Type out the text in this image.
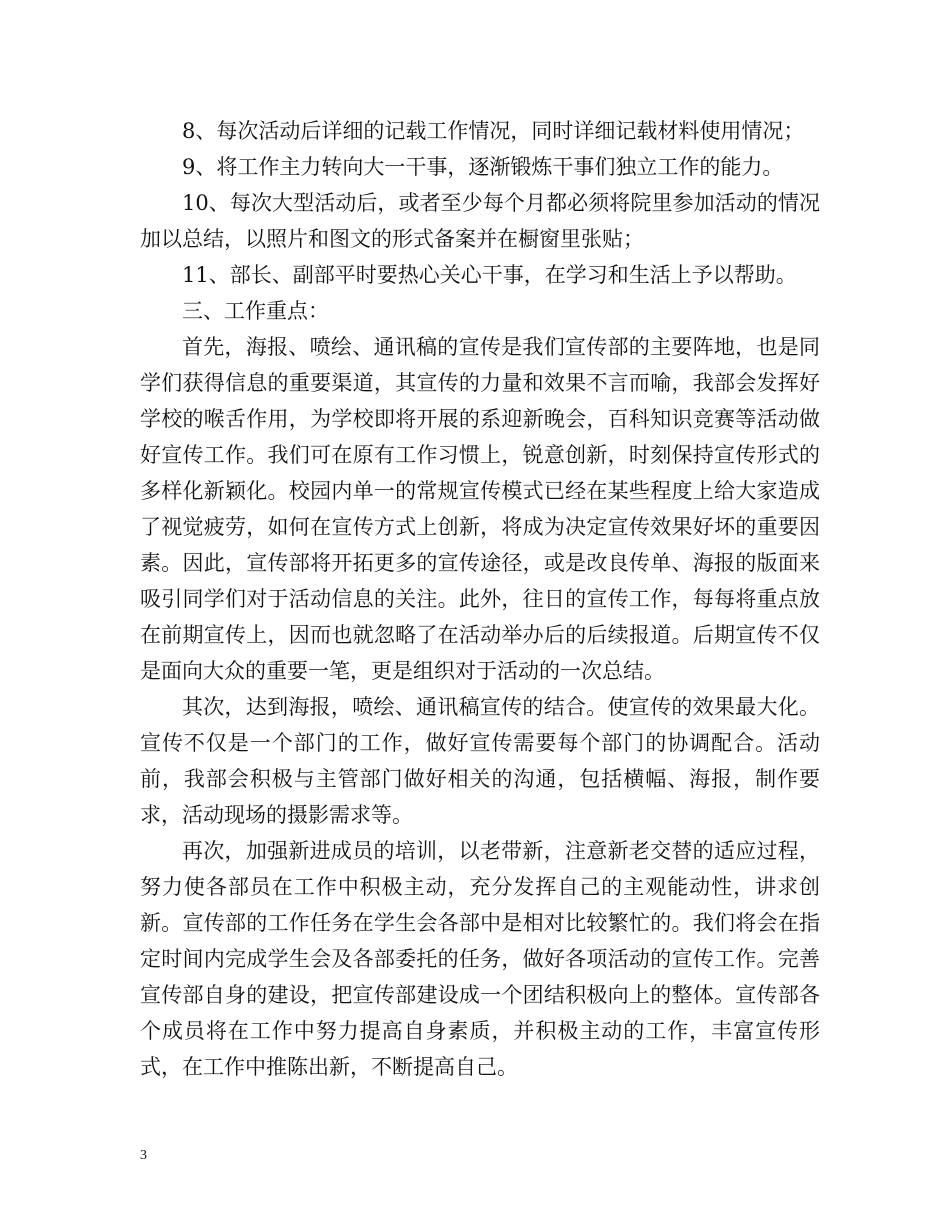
8、每次活动后详细的记载工作情况，同时详细记载材料使用情况；

9、将工作主力转向大一干事，逐渐锻炼干事们独立工作的能力。

10、每次大型活动后，或者至少每个月都必须将院里参加活动的情况加以总结，以照片和图文的形式备案并在橱窗里张贴；

11、部长、副部平时要热心关心干事，在学习和生活上予以帮助。

三、工作重点：

首先，海报、喷绘、通讯稿的宣传是我们宣传部的主要阵地，也是同学们获得信息的重要渠道，其宣传的力量和效果不言而喻，我部会发挥好学校的喉舌作用，为学校即将开展的系迎新晚会，百科知识竞赛等活动做好宣传工作。我们可在原有工作习惯上，锐意创新，时刻保持宣传形式的多样化新颖化。校园内单一的常规宣传模式已经在某些程度上给大家造成了视觉疲劳，如何在宣传方式上创新，将成为决定宣传效果好坏的重要因素。因此，宣传部将开拓更多的宣传途径，或是改良传单、海报的版面来吸引同学们对于活动信息的关注。此外，往日的宣传工作，每每将重点放在前期宣传上，因而也就忽略了在活动举办后的后续报道。后期宣传不仅是面向大众的重要一笔，更是组织对于活动的一次总结。

其次，达到海报，喷绘、通讯稿宣传的结合。使宣传的效果最大化。宣传不仅是一个部门的工作，做好宣传需要每个部门的协调配合。活动前，我部会积极与主管部门做好相关的沟通，包括横幅、海报，制作要求，活动现场的摄影需求等。

再次，加强新进成员的培训，以老带新，注意新老交替的适应过程，努力使各部员在工作中积极主动，充分发挥自己的主观能动性，讲求创新。宣传部的工作任务在学生会各部中是相对比较繁忙的。我们将会在指定时间内完成学生会及各部委托的任务，做好各项活动的宣传工作。完善宣传部自身的建设，把宣传部建设成一个团结积极向上的整体。宣传部各个成员将在工作中努力提高自身素质，并积极主动的工作，丰富宣传形式，在工作中推陈出新，不断提高自己。

3
